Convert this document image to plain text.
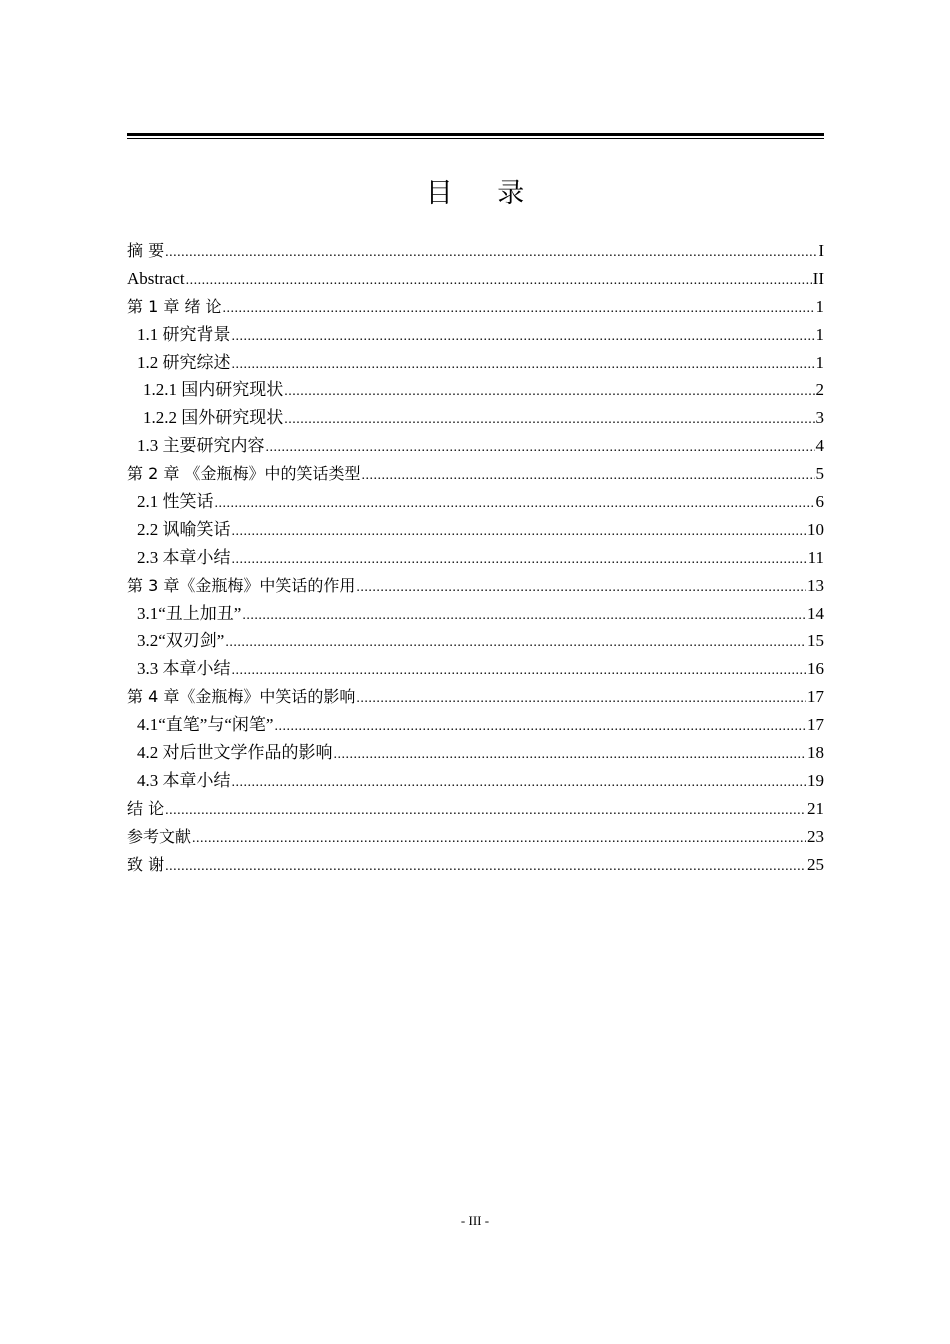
目 录
摘 要 .....	I
Abstract .....	II
第 1 章 绪 论 .....	1
1.1 研究背景 .....	1
1.2 研究综述 .....	1
1.2.1 国内研究现状 .....	2
1.2.2 国外研究现状 .....	3
1.3 主要研究内容 .....	4
第 2 章 《金瓶梅》中的笑话类型 .....	5
2.1 性笑话 .....	6
2.2 讽喻笑话 .....	10
2.3 本章小结 .....	11
第 3 章《金瓶梅》中笑话的作用 .....	13
3.1“丑上加丑” .....	14
3.2“双刃剑” .....	15
3.3 本章小结 .....	16
第 4 章《金瓶梅》中笑话的影响 .....	17
4.1“直笔”与“闲笔” .....	17
4.2 对后世文学作品的影响 .....	18
4.3 本章小结 .....	19
结 论 .....	21
参考文献 .....	23
致 谢 .....	25
- III -
